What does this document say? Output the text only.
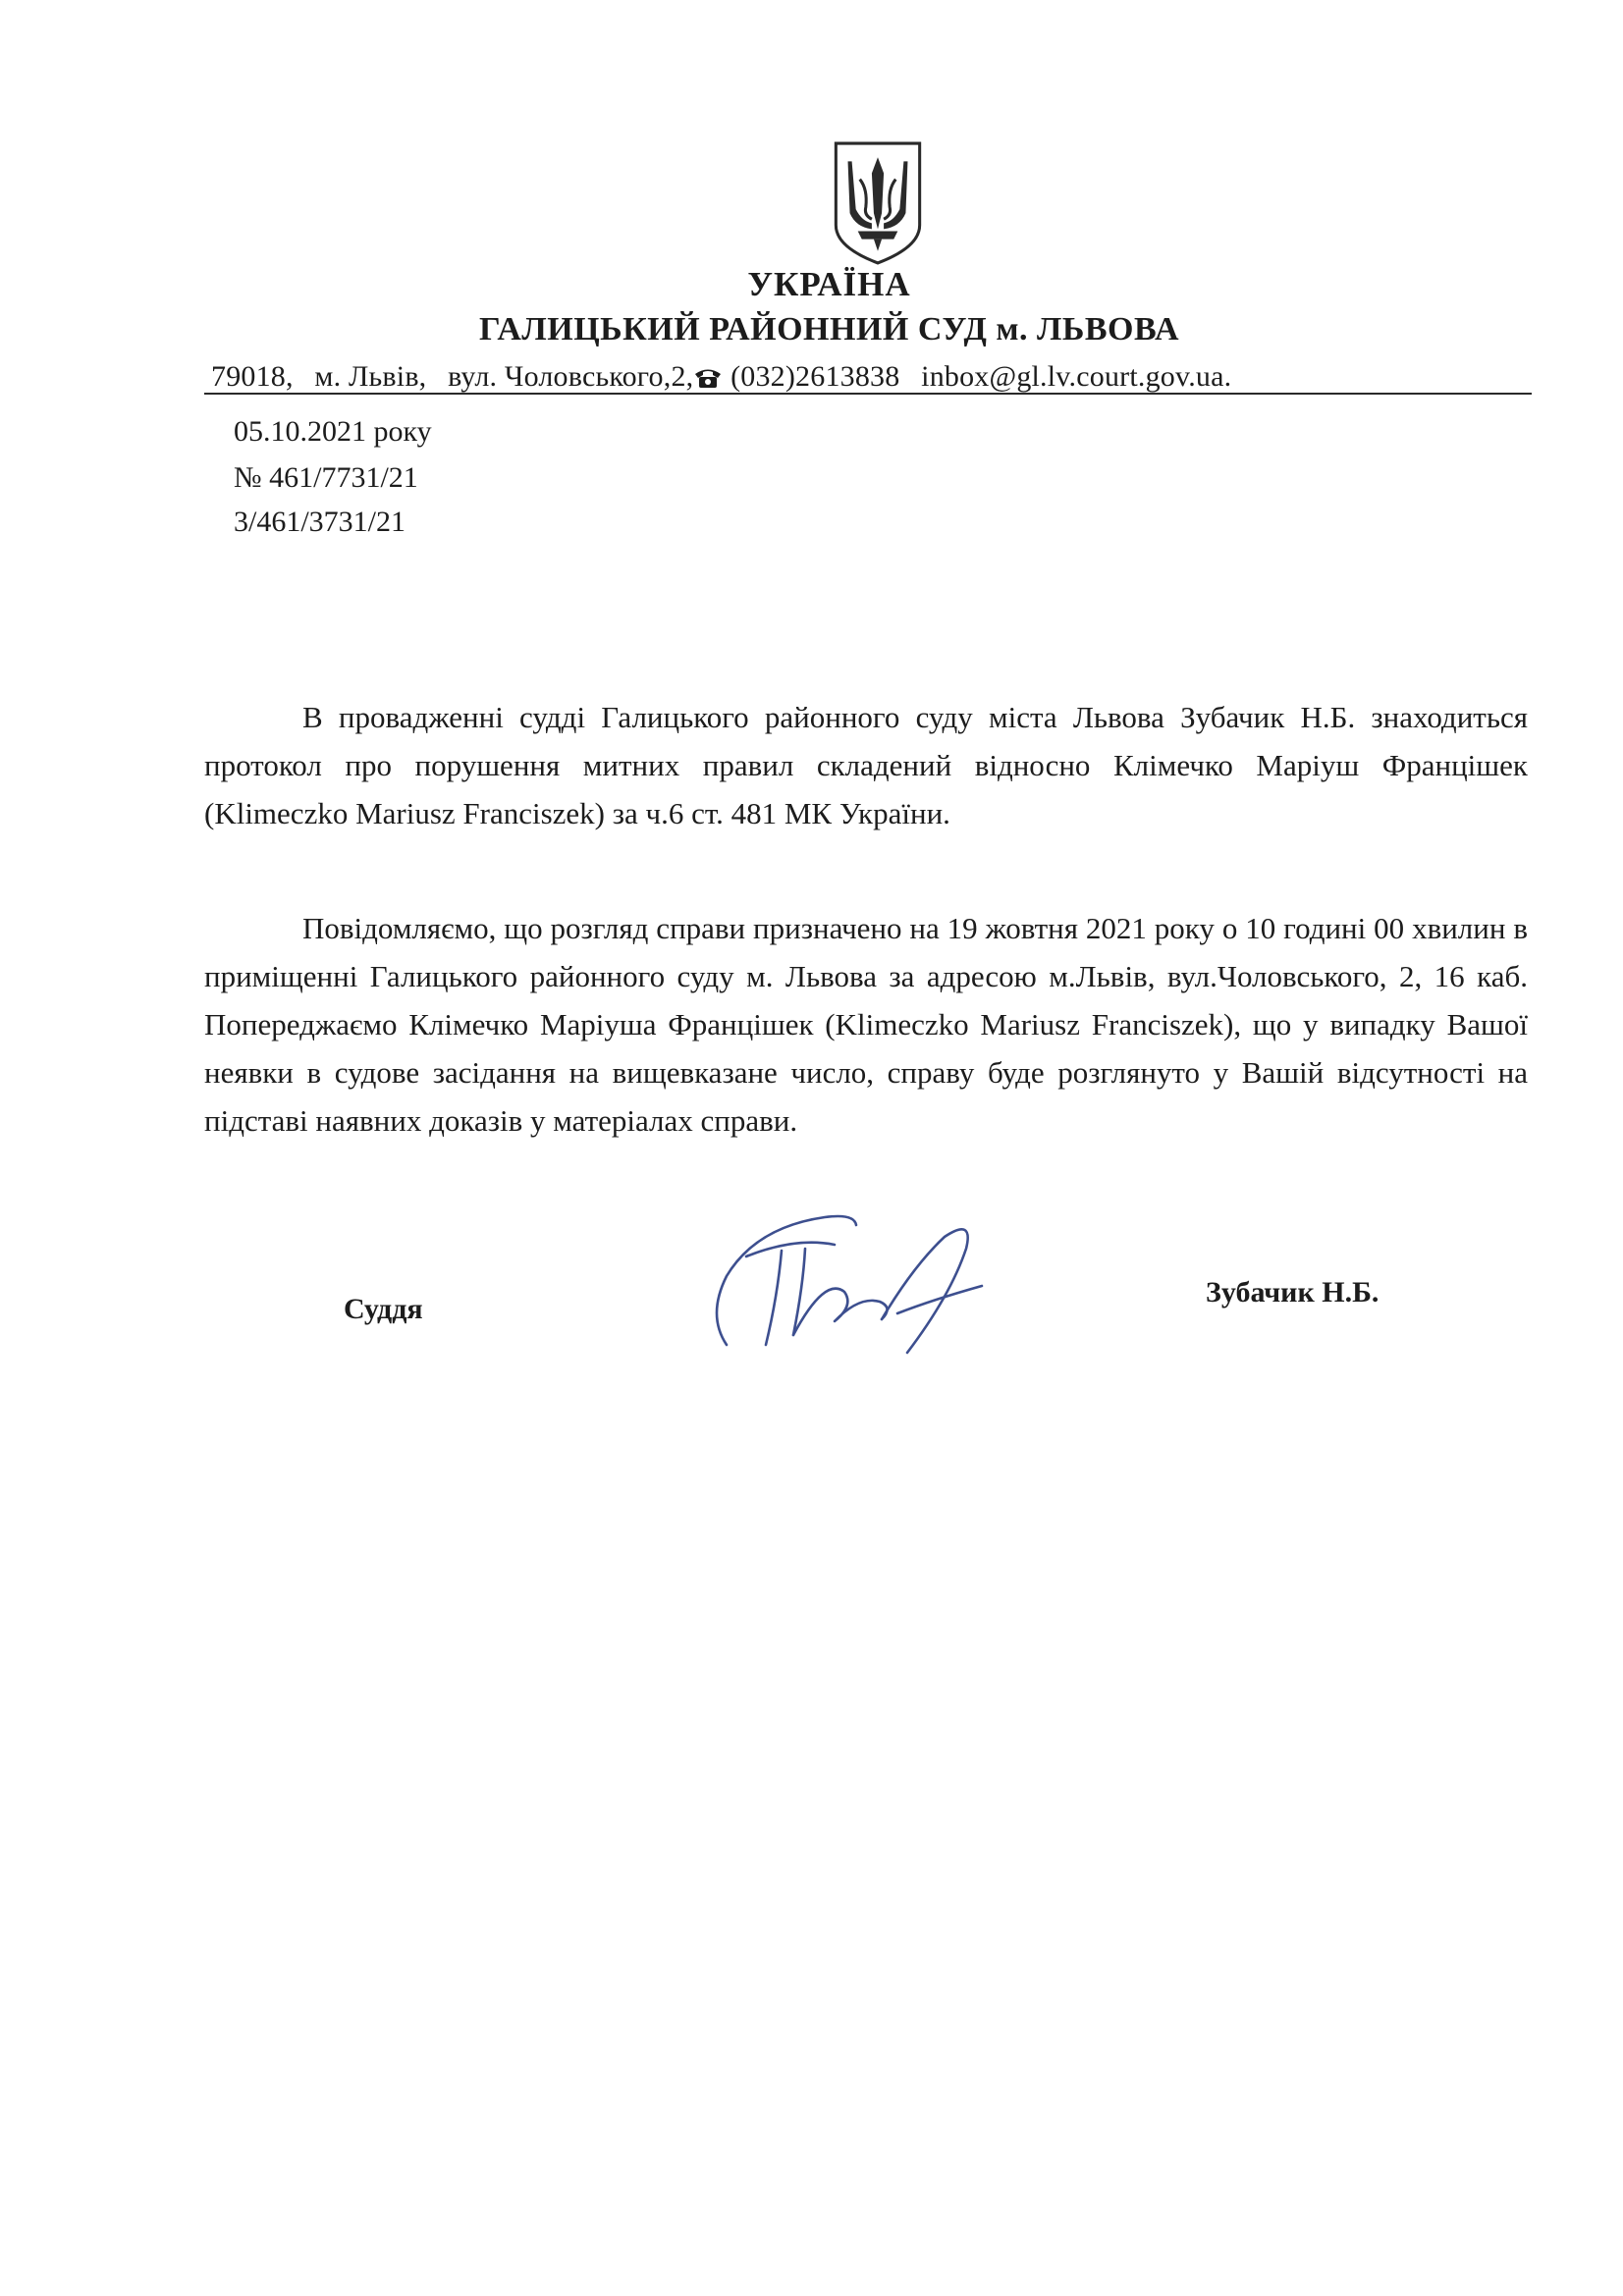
УКРАЇНА
ГАЛИЦЬКИЙ РАЙОННИЙ СУД м. ЛЬВОВА
79018, м. Львів, вул. Чоловського,2, (032)2613838 inbox@gl.lv.court.gov.ua.
05.10.2021 року
№ 461/7731/21
3/461/3731/21

В провадженні судді Галицького районного суду міста Львова Зубачик Н.Б. знаходиться протокол про порушення митних правил складений відносно Клімечко Маріуш Францішек (Klimeczko Mariusz Franciszek) за ч.6 ст. 481 МК України.

Повідомляємо, що розгляд справи призначено на 19 жовтня 2021 року о 10 годині 00 хвилин в приміщенні Галицького районного суду м. Львова за адресою м.Львів, вул.Чоловського, 2, 16 каб. Попереджаємо Клімечко Маріуша Францішек (Klimeczko Mariusz Franciszek), що у випадку Вашої неявки в судове засідання на вищевказане число, справу буде розглянуто у Вашій відсутності на підставі наявних доказів у матеріалах справи.

Суддя
Зубачик Н.Б.
